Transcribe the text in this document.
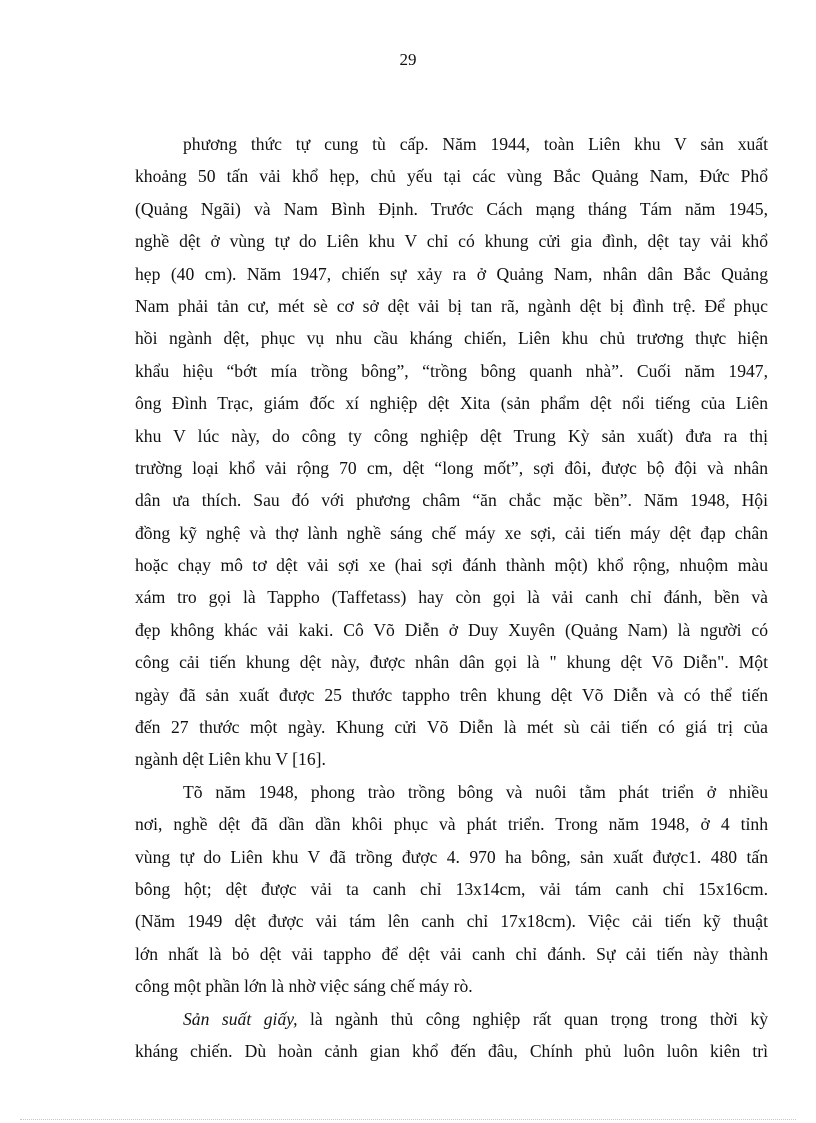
29
phương thức tự cung tù cấp. Năm 1944, toàn Liên khu V sản xuất
khoảng 50 tấn vải khổ hẹp, chủ yếu tại các vùng Bắc Quảng Nam, Đức Phổ
(Quảng Ngãi) và Nam Bình Định. Trước Cách mạng tháng Tám năm 1945,
nghề dệt ở vùng tự do Liên khu V chỉ có khung cửi gia đình, dệt tay vải khổ
hẹp (40 cm). Năm 1947, chiến sự xảy ra ở Quảng Nam, nhân dân Bắc Quảng
Nam phải tản cư, mét sè cơ sở dệt vải bị tan rã, ngành dệt bị đình trệ. Để phục
hồi ngành dệt, phục vụ nhu cầu kháng chiến, Liên khu chủ trương thực hiện
khẩu hiệu “bớt mía trồng bông”, “trồng bông quanh nhà”. Cuối năm 1947,
ông Đình Trạc, giám đốc xí nghiệp dệt Xita (sản phẩm dệt nổi tiếng của Liên
khu V lúc này, do công ty công nghiệp dệt Trung Kỳ sản xuất) đưa ra thị
trường loại khổ vải rộng 70 cm, dệt “long mốt”, sợi đôi, được bộ đội và nhân
dân ưa thích. Sau đó với phương châm “ăn chắc mặc bền”. Năm 1948, Hội
đồng kỹ nghệ và thợ lành nghề sáng chế máy xe sợi, cải tiến máy dệt đạp chân
hoặc chạy mô tơ dệt vải sợi xe (hai sợi đánh thành một) khổ rộng, nhuộm màu
xám tro gọi là Tappho (Taffetass) hay còn gọi là vải canh chỉ đánh, bền và
đẹp không khác vải kaki. Cô Võ Diễn ở Duy Xuyên (Quảng Nam) là người có
công cải tiến khung dệt này, được nhân dân gọi là " khung dệt Võ Diễn". Một
ngày đã sản xuất được 25 thước tappho trên khung dệt Võ Diễn và có thể tiến
đến 27 thước một ngày. Khung cửi Võ Diễn là mét sù cải tiến có giá trị của
ngành dệt Liên khu V [16].
Tõ năm 1948, phong trào trồng bông và nuôi tằm phát triển ở nhiều
nơi, nghề dệt đã dần dần khôi phục và phát triển. Trong năm 1948, ở 4 tỉnh
vùng tự do Liên khu V đã trồng được 4. 970 ha bông, sản xuất được1. 480 tấn
bông hột; dệt được vải ta canh chỉ 13x14cm, vải tám canh chỉ 15x16cm.
(Năm 1949 dệt được vải tám lên canh chỉ 17x18cm). Việc cải tiến kỹ thuật
lớn nhất là bỏ dệt vải tappho để dệt vải canh chỉ đánh. Sự cải tiến này thành
công một phần lớn là nhờ việc sáng chế máy rò.
Sản suất giấy, là ngành thủ công nghiệp rất quan trọng trong thời kỳ
kháng chiến. Dù hoàn cảnh gian khổ đến đâu, Chính phủ luôn luôn kiên trì
